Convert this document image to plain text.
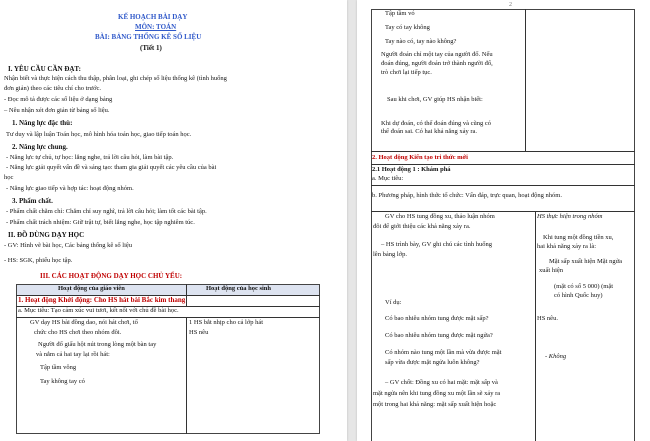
KẾ HOẠCH BÀI DẠY
MÔN: TOÁN
BÀI: BẢNG THỐNG KÊ SỐ LIỆU
(Tiết 1)
I. YÊU CẦU CẦN ĐẠT:
Nhận biết và thực hiện cách thu thập, phân loại, ghi chép số liệu thống kê (tình huống
đơn giản) theo các tiêu chí cho trước.
- Đọc mô tả được các số liệu ở dạng bảng
– Nêu nhận xét đơn giản từ bảng số liệu.
1. Năng lực đặc thù:
Tư duy và lập luận Toán học, mô hình hóa toán học, giao tiếp toán học.
2. Năng lực chung.
- Năng lực tự chủ, tự học: lắng nghe, trả lời câu hỏi, làm bài tập.
- Năng lực giải quyết vấn đề và sáng tạo: tham gia giải quyết các yêu cầu của bài
học
- Năng lực giao tiếp và hợp tác: hoạt động nhóm.
3. Phẩm chất.
- Phẩm chất chăm chỉ: Chăm chỉ suy nghĩ, trả lời câu hỏi; làm tốt các bài tập.
- Phẩm chất trách nhiệm: Giữ trật tự, biết lắng nghe, học tập nghiêm túc.
II. ĐỒ DÙNG DẠY HỌC
- GV: Hình vẽ bài học, Các bảng thống kê số liệu
- HS: SGK, phiếu học tập.
III. CÁC HOẠT ĐỘNG DẠY HỌC CHỦ YẾU:
Hoạt động của giáo viên	Hoạt động của học sinh
1. Hoạt động Khởi động: Cho HS hát bài Bắc kim thang
a. Mục tiêu: Tạo cảm xúc vui tươi, kết nối với chủ đề bài học.
GV dạy HS bài đồng dao, nói hát chơi, tổ
chức cho HS chơi theo nhóm đôi.
Người đố giấu hột nút trong lòng một bàn tay
và nắm cả hai tay lại rồi hát:
Tập tầm vông
Tay không tay có
1 HS bắt nhịp cho cả lớp hát
HS nêu
2
Tập tầm vó
Tay có tay không
Tay nào có, tay nào không?
Người đoán chỉ một tay của người đố. Nếu
đoán đúng, người đoán trở thành người đố,
trò chơi lại tiếp tục.
Sau khi chơi, GV giúp HS nhận biết:
Khi dự đoán, có thể đoán đúng và cũng có
thể đoán sai. Có hai khả năng xảy ra.
2. Hoạt động Kiến tạo tri thức mới
2.1 Hoạt động 1 : Khám phá
a. Mục tiêu:
b. Phương pháp, hình thức tổ chức: Vấn đáp, trực quan, hoạt động nhóm.
GV cho HS tung đồng xu, thảo luận nhóm
đôi để giới thiệu các khả năng xảy ra.
– HS trình bày, GV ghi chú các tình huống
lên bảng lớp.
Ví dụ:
Có bao nhiêu nhóm tung được mặt sấp?
Có bao nhiêu nhóm tung được mặt ngửa?
Có nhóm nào tung một lần mà vừa được mặt
sấp vừa được mặt ngửa luôn không?
– GV chốt: Đồng xu có hai mặt: mặt sấp và
mặt ngửa nên khi tung đồng xu một lần sẽ xảy ra
một trong hai khả năng: mặt sấp xuất hiện hoặc
HS thực hiện trong nhóm
Khi tung một đồng tiền xu,
hai khả năng xảy ra là:
Mặt sấp xuất hiện Mặt ngửa
xuất hiện
(mặt có số 5 000) (mặt
có hình Quốc huy)
HS nêu.
- Không
